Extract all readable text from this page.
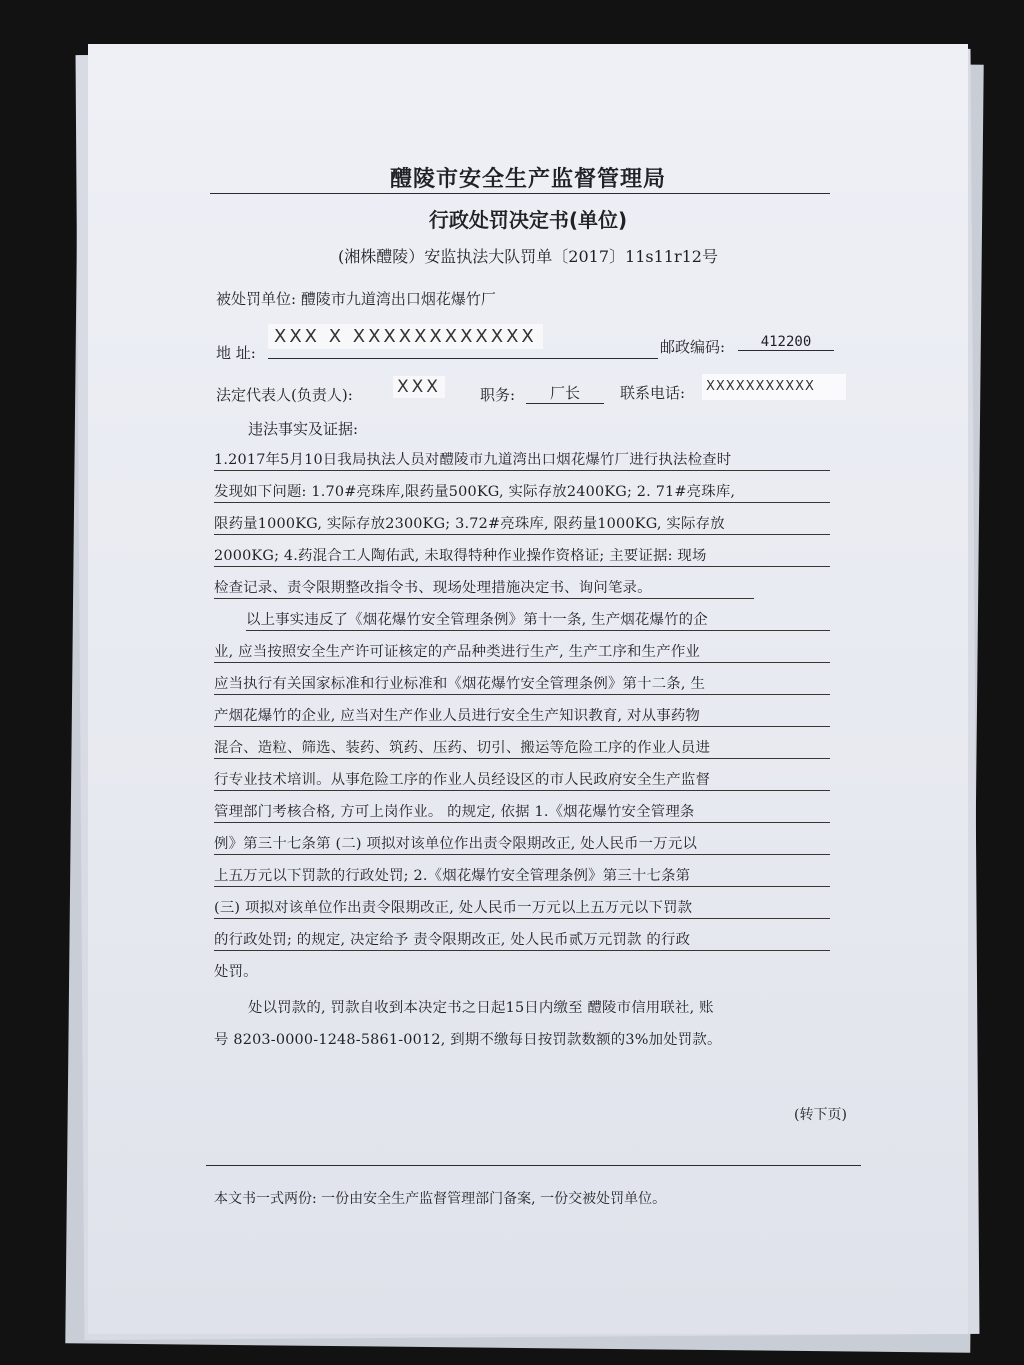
醴陵市安全生产监督管理局
行政处罚决定书(单位)
(湘株醴陵）安监执法大队罚单〔2017〕11s11r12号
被处罚单位: 醴陵市九道湾出口烟花爆竹厂
地 址:
XXX X XXXXXXXXXXXX	邮政编码:	412200
法定代表人(负责人):	XXX	职务:	厂长	联系电话:	XXXXXXXXXXX
违法事实及证据:
1.2017年5月10日我局执法人员对醴陵市九道湾出口烟花爆竹厂进行执法检查时
发现如下问题: 1.70#亮珠库,限药量500KG, 实际存放2400KG; 2. 71#亮珠库,
限药量1000KG, 实际存放2300KG; 3.72#亮珠库, 限药量1000KG, 实际存放
2000KG; 4.药混合工人陶佑武, 未取得特种作业操作资格证; 主要证据: 现场
检查记录、责令限期整改指令书、现场处理措施决定书、询问笔录。
以上事实违反了《烟花爆竹安全管理条例》第十一条, 生产烟花爆竹的企
业, 应当按照安全生产许可证核定的产品种类进行生产, 生产工序和生产作业
应当执行有关国家标准和行业标准和《烟花爆竹安全管理条例》第十二条, 生
产烟花爆竹的企业, 应当对生产作业人员进行安全生产知识教育, 对从事药物
混合、造粒、筛选、装药、筑药、压药、切引、搬运等危险工序的作业人员进
行专业技术培训。从事危险工序的作业人员经设区的市人民政府安全生产监督
管理部门考核合格, 方可上岗作业。 的规定, 依据 1.《烟花爆竹安全管理条
例》第三十七条第 (二) 项拟对该单位作出责令限期改正, 处人民币一万元以
上五万元以下罚款的行政处罚; 2.《烟花爆竹安全管理条例》第三十七条第
(三) 项拟对该单位作出责令限期改正, 处人民币一万元以上五万元以下罚款
的行政处罚; 的规定, 决定给予 责令限期改正, 处人民币贰万元罚款 的行政
处罚。
处以罚款的, 罚款自收到本决定书之日起15日内缴至 醴陵市信用联社, 账
号 8203-0000-1248-5861-0012, 到期不缴每日按罚款数额的3%加处罚款。
(转下页)
本文书一式两份: 一份由安全生产监督管理部门备案, 一份交被处罚单位。
